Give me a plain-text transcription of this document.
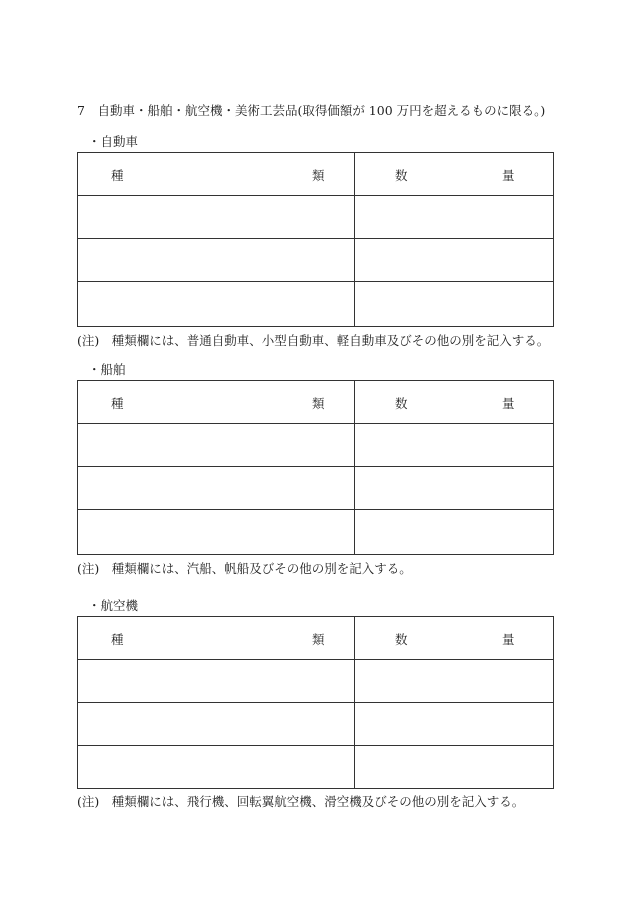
7　自動車・船舶・航空機・美術工芸品(取得価額が 100 万円を超えるものに限る。)
・自動車
種 類	数 量

(注)　種類欄には、普通自動車、小型自動車、軽自動車及びその他の別を記入する。
・船舶
種 類	数 量

(注)　種類欄には、汽船、帆船及びその他の別を記入する。
・航空機
種 類	数 量

(注)　種類欄には、飛行機、回転翼航空機、滑空機及びその他の別を記入する。
